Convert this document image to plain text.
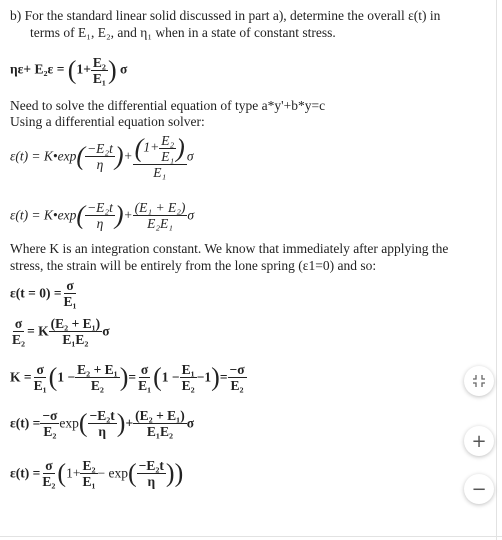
b) For the standard linear solid discussed in part a), determine the overall ε(t) in
terms of E₁, E₂, and η₁ when in a state of constant stress.
$\eta\varepsilon+ E_2\varepsilon = (1+ \frac{\text{E₂}}{\text{E₁}}$ ) σ
Need to solve the differential equation of type a*y'+b*y=c
Using a differential equation solver:
ε(t) = K•exp( $\frac{\text{−E₂t}}{\eta}$ )+ $\frac{(1+ \frac{\text{E₂}}{\text{E₁}} )}{\text{E₁}}$ σ
ε(t) = K•exp( $\frac{\text{−E₂t}}{\eta}$ )+ $\frac{\text{(E₁ + E₂)}}{\text{E₂E₁}}$ σ
Where K is an integration constant. We know that immediately after applying the
stress, the strain will be entirely from the lone spring (ε1=0) and so:
$\varepsilon(t = 0) = \frac{\sigma}{\text{E₁}}$
$\frac{\sigma}{\text{E₂}} = K \frac{\text{(E₂ + E₁)}}{\text{E₁E₂}}$ σ
$K = \frac{\sigma}{\text{E₁}} (1 - \frac{\text{E₂ + E₁}}{\text{E₂}}$ )= $\frac{\sigma}{\text{E₁}} (1 - \frac{\text{E₁}}{\text{E₂}} -1)= \frac{-\sigma}{\text{E₂}}$
$\varepsilon(t) = \frac{-\sigma}{\text{E₂}} \exp( \frac{\text{−E₂t}}{\eta}$ )+ $\frac{\text{(E₂ + E₁)}}{\text{E₁E₂}}$ σ
$\varepsilon(t) = \frac{\sigma}{\text{E₂}} (1+ \frac{\text{E₂}}{\text{E₁}} - \exp( \frac{\text{−E₂t}}{\eta}$ ))
+
−
